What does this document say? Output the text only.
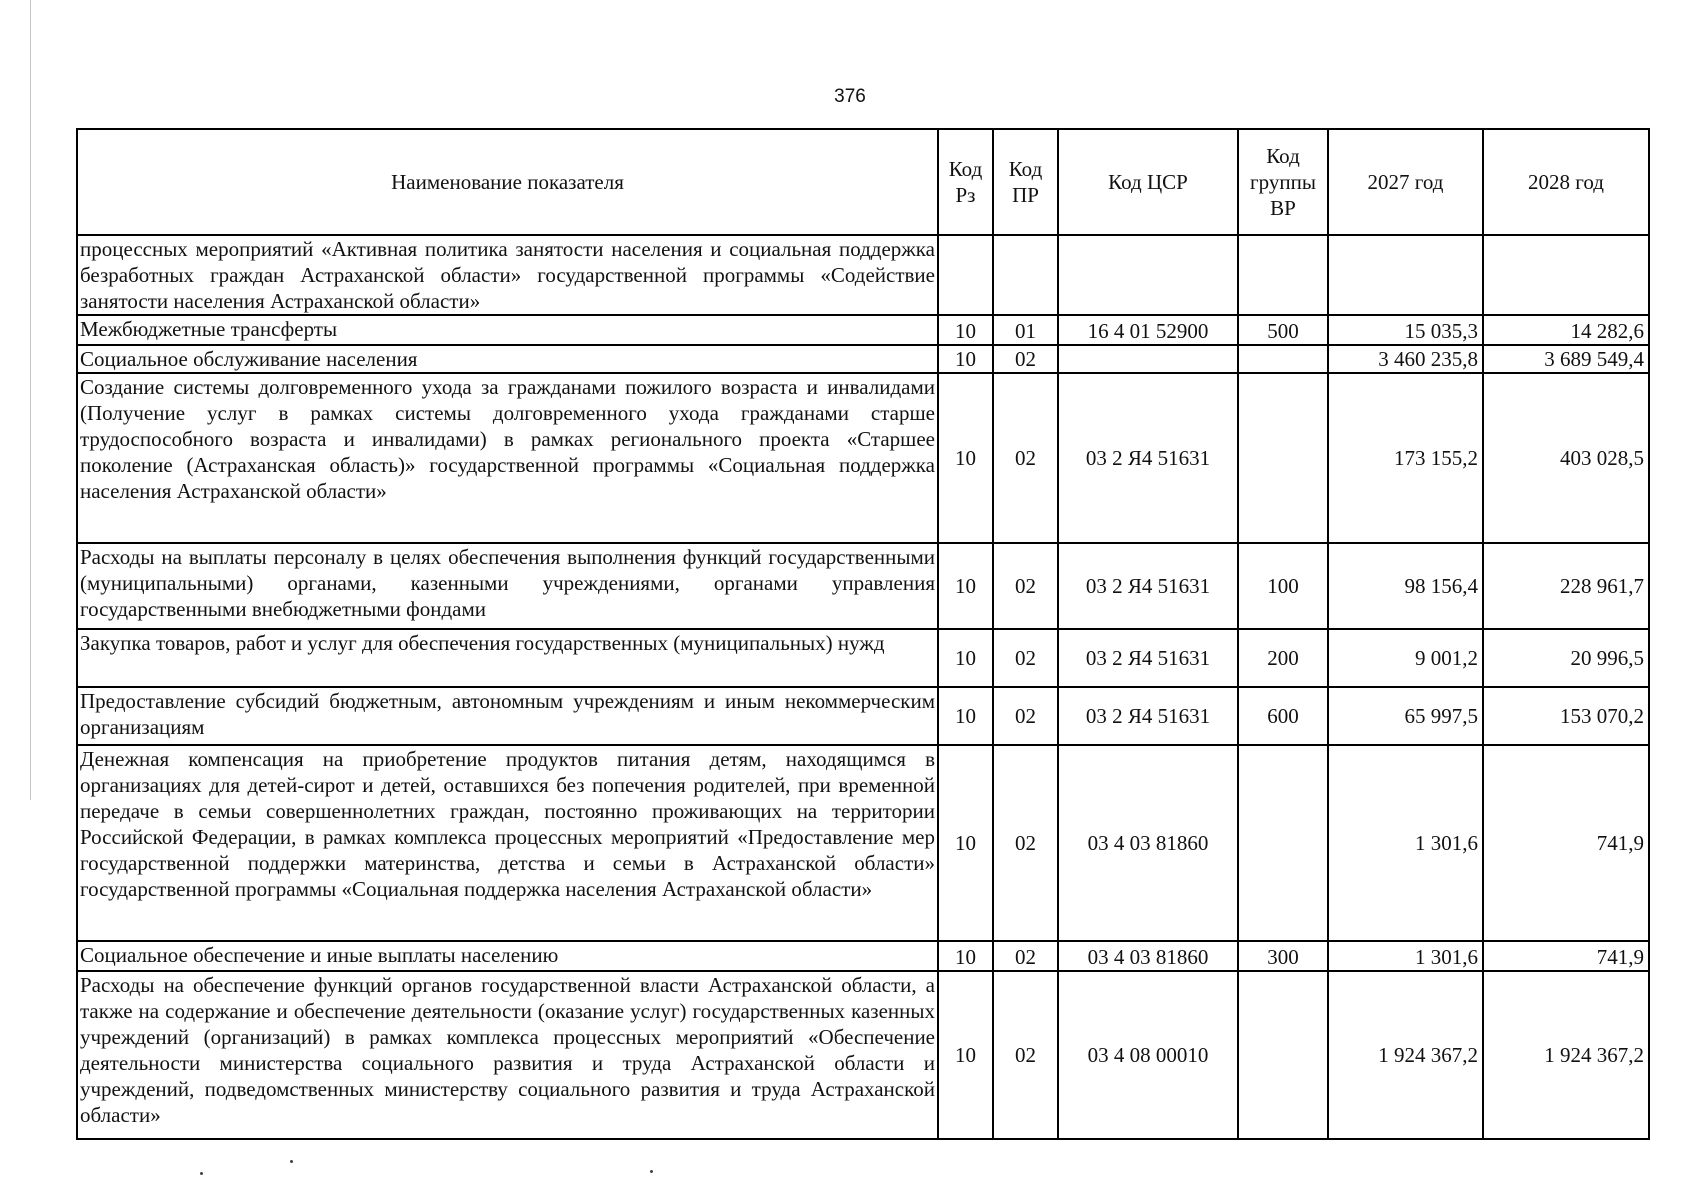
376
Наименование показателя	Код Рз	Код ПР	Код ЦСР	Код группы ВР	2027 год	2028 год
процессных мероприятий «Активная политика занятости населения и социальная поддержка безработных граждан Астраханской области» государственной программы «Содействие занятости населения Астраханской области»						
Межбюджетные трансферты	10	01	16 4 01 52900	500	15 035,3	14 282,6
Социальное обслуживание населения	10	02			3 460 235,8	3 689 549,4
Создание системы долговременного ухода за гражданами пожилого возраста и инвалидами (Получение услуг в рамках системы долговременного ухода гражданами старше трудоспособного возраста и инвалидами) в рамках регионального проекта «Старшее поколение (Астраханская область)» государственной программы «Социальная поддержка населения Астраханской области»	10	02	03 2 Я4 51631		173 155,2	403 028,5
Расходы на выплаты персоналу в целях обеспечения выполнения функций государственными (муниципальными) органами, казенными учреждениями, органами управления государственными внебюджетными фондами	10	02	03 2 Я4 51631	100	98 156,4	228 961,7
Закупка товаров, работ и услуг для обеспечения государственных (муниципальных) нужд	10	02	03 2 Я4 51631	200	9 001,2	20 996,5
Предоставление субсидий бюджетным, автономным учреждениям и иным некоммерческим организациям	10	02	03 2 Я4 51631	600	65 997,5	153 070,2
Денежная компенсация на приобретение продуктов питания детям, находящимся в организациях для детей-сирот и детей, оставшихся без попечения родителей, при временной передаче в семьи совершеннолетних граждан, постоянно проживающих на территории Российской Федерации, в рамках комплекса процессных мероприятий «Предоставление мер государственной поддержки материнства, детства и семьи в Астраханской области» государственной программы «Социальная поддержка населения Астраханской области»	10	02	03 4 03 81860		1 301,6	741,9
Социальное обеспечение и иные выплаты населению	10	02	03 4 03 81860	300	1 301,6	741,9
Расходы на обеспечение функций органов государственной власти Астраханской области, а также на содержание и обеспечение деятельности (оказание услуг) государственных казенных учреждений (организаций) в рамках комплекса процессных мероприятий «Обеспечение деятельности министерства социального развития и труда Астраханской области и учреждений, подведомственных министерству социального развития и труда Астраханской области»	10	02	03 4 08 00010		1 924 367,2	1 924 367,2
